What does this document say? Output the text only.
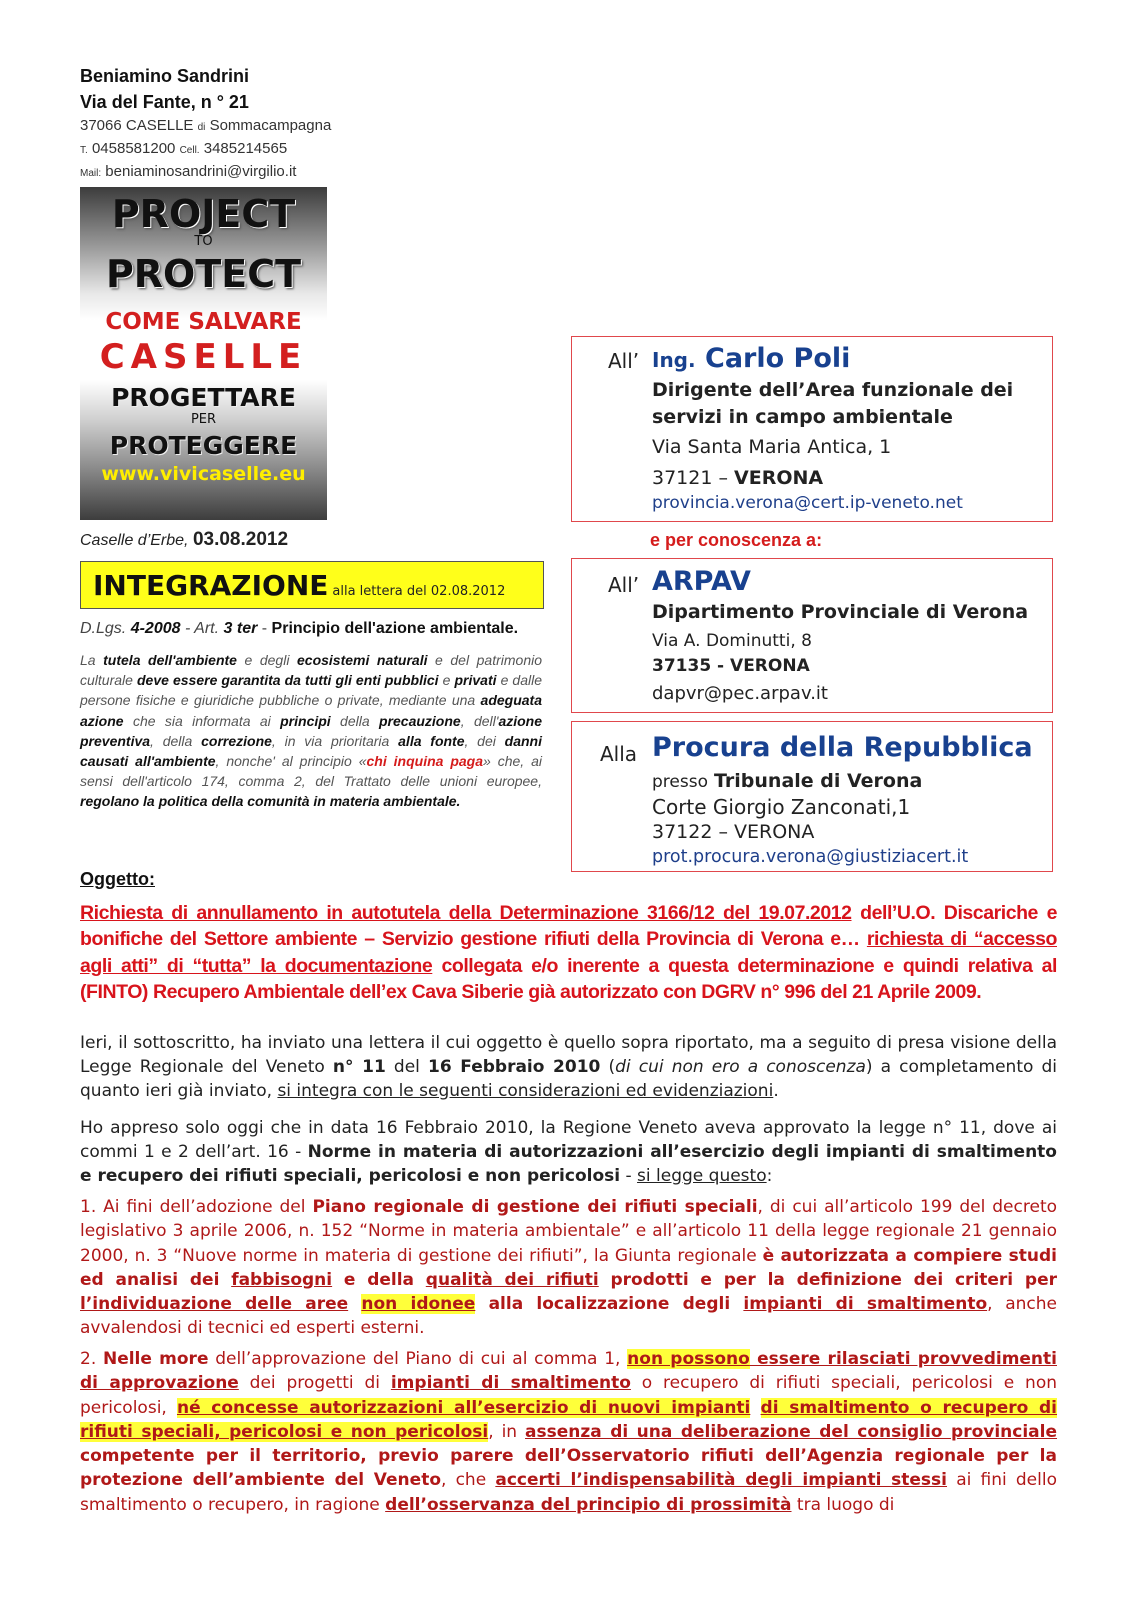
Beniamino Sandrini
Via del Fante, n ° 21
37066 CASELLE di Sommacampagna
T. 0458581200 Cell. 3485214565
Mail: beniaminosandrini@virgilio.it
PROJECT
TO
PROTECT
COME SALVARE
CASELLE
PROGETTARE
PER
PROTEGGERE
www.vivicaselle.eu
Caselle d’Erbe, 03.08.2012
INTEGRAZIONE alla lettera del 02.08.2012
D.Lgs. 4-2008 - Art. 3 ter - Principio dell'azione ambientale.
La tutela dell'ambiente e degli ecosistemi naturali e del patrimonio culturale deve essere garantita da tutti gli enti pubblici e privati e dalle persone fisiche e giuridiche pubbliche o private, mediante una adeguata azione che sia informata ai principi della precauzione, dell'azione preventiva, della correzione, in via prioritaria alla fonte, dei danni causati all'ambiente, nonche' al principio «chi inquina paga» che, ai sensi dell'articolo 174, comma 2, del Trattato delle unioni europee, regolano la politica della comunità in materia ambientale.
All’ Ing. Carlo Poli
Dirigente dell’Area funzionale dei
servizi in campo ambientale
Via Santa Maria Antica, 1
37121 – VERONA
provincia.verona@cert.ip-veneto.net
e per conoscenza a:
All’ ARPAV
Dipartimento Provinciale di Verona
Via A. Dominutti, 8
37135 - VERONA
dapvr@pec.arpav.it
Alla Procura della Repubblica
presso Tribunale di Verona
Corte Giorgio Zanconati,1
37122 – VERONA
prot.procura.verona@giustiziacert.it
Oggetto:
Richiesta di annullamento in autotutela della Determinazione 3166/12 del 19.07.2012 dell’U.O. Discariche e bonifiche del Settore ambiente – Servizio gestione rifiuti della Provincia di Verona e… richiesta di “accesso agli atti” di “tutta” la documentazione collegata e/o inerente a questa determinazione e quindi relativa al (FINTO) Recupero Ambientale dell’ex Cava Siberie già autorizzato con DGRV n° 996 del 21 Aprile 2009.
Ieri, il sottoscritto, ha inviato una lettera il cui oggetto è quello sopra riportato, ma a seguito di presa visione della Legge Regionale del Veneto n° 11 del 16 Febbraio 2010 (di cui non ero a conoscenza) a completamento di quanto ieri già inviato, si integra con le seguenti considerazioni ed evidenziazioni.
Ho appreso solo oggi che in data 16 Febbraio 2010, la Regione Veneto aveva approvato la legge n° 11, dove ai commi 1 e 2 dell’art. 16 - Norme in materia di autorizzazioni all’esercizio degli impianti di smaltimento e recupero dei rifiuti speciali, pericolosi e non pericolosi - si legge questo:
1. Ai fini dell’adozione del Piano regionale di gestione dei rifiuti speciali, di cui all’articolo 199 del decreto legislativo 3 aprile 2006, n. 152 “Norme in materia ambientale” e all’articolo 11 della legge regionale 21 gennaio 2000, n. 3 “Nuove norme in materia di gestione dei rifiuti”, la Giunta regionale è autorizzata a compiere studi ed analisi dei fabbisogni e della qualità dei rifiuti prodotti e per la definizione dei criteri per l’individuazione delle aree non idonee alla localizzazione degli impianti di smaltimento, anche avvalendosi di tecnici ed esperti esterni.
2. Nelle more dell’approvazione del Piano di cui al comma 1, non possono essere rilasciati provvedimenti di approvazione dei progetti di impianti di smaltimento o recupero di rifiuti speciali, pericolosi e non pericolosi, né concesse autorizzazioni all’esercizio di nuovi impianti di smaltimento o recupero di rifiuti speciali, pericolosi e non pericolosi, in assenza di una deliberazione del consiglio provinciale competente per il territorio, previo parere dell’Osservatorio rifiuti dell’Agenzia regionale per la protezione dell’ambiente del Veneto, che accerti l’indispensabilità degli impianti stessi ai fini dello smaltimento o recupero, in ragione dell’osservanza del principio di prossimità tra luogo di
